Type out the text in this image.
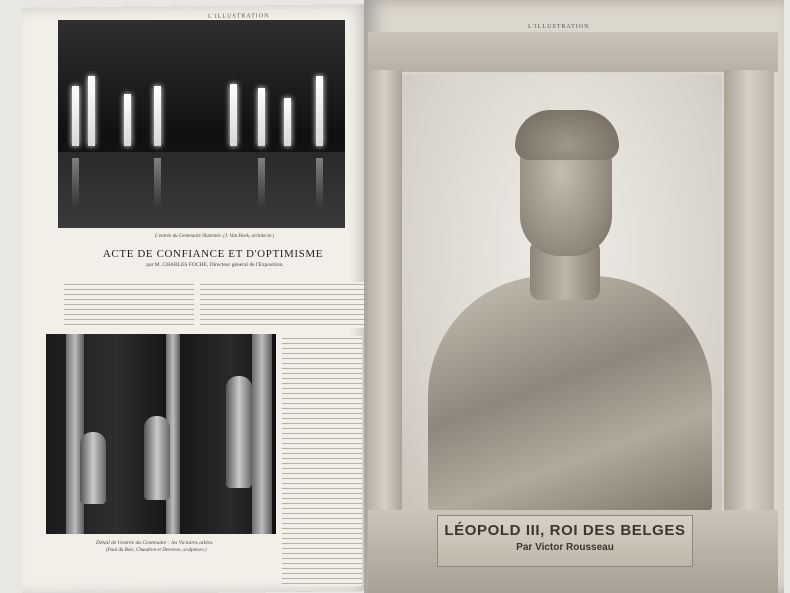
L'ILLUSTRATION
L'entrée du Centenaire illuminée. (J. Van Hoek, architecte.)
ACTE DE CONFIANCE ET D'OPTIMISME
par M. CHARLES FOCHE, Directeur général de l'Exposition.
Détail de l'entrée du Centenaire : les Victoires ailées.
(Paul du Bois, Chaudron et Devreese, sculpteurs.)
L'ILLUSTRATION
LÉOPOLD III, ROI DES BELGES
Par Victor Rousseau
